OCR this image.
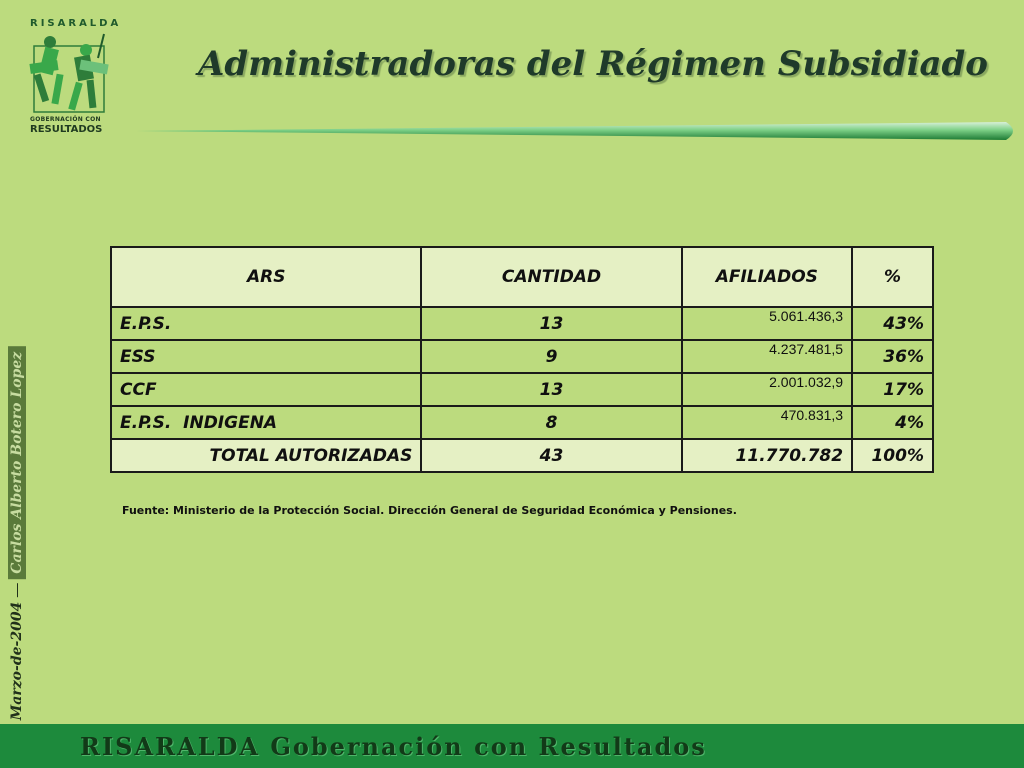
RISARALDA
GOBERNACIÓN CON
RESULTADOS
Administradoras del Régimen Subsidiado
Marzo-de-2004
Carlos Alberto Botero Lopez
ARS	CANTIDAD	AFILIADOS	%
E.P.S.	13	5.061.436,3	43%
ESS	9	4.237.481,5	36%
CCF	13	2.001.032,9	17%
E.P.S.  INDIGENA	8	470.831,3	4%
TOTAL AUTORIZADAS	43	11.770.782	100%
Fuente: Ministerio de la Protección Social. Dirección General de Seguridad Económica y Pensiones.
RISARALDA Gobernación con Resultados
